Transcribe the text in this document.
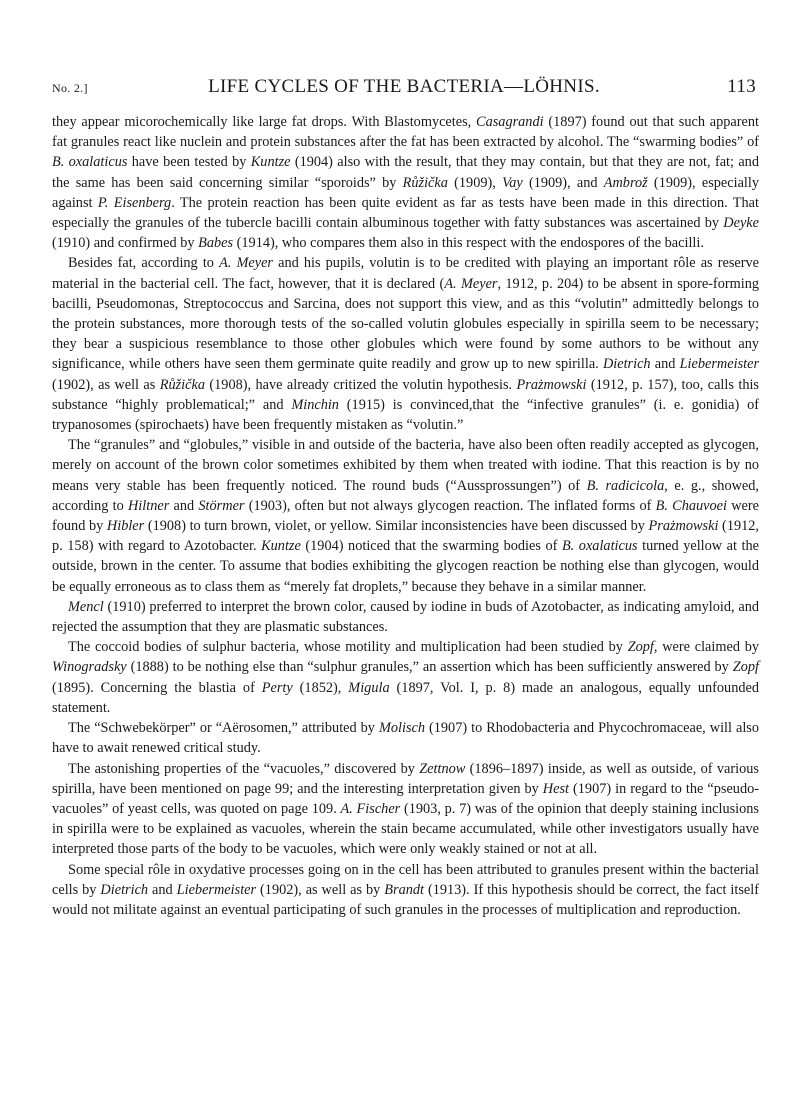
No. 2.]	LIFE CYCLES OF THE BACTERIA—LÖHNIS.	113

they appear micorochemically like large fat drops. With Blastomycetes, Casagrandi (1897) found out that such apparent fat granules react like nuclein and protein substances after the fat has been extracted by alcohol. The “swarming bodies” of B. oxalaticus have been tested by Kuntze (1904) also with the result, that they may contain, but that they are not, fat; and the same has been said concerning similar “sporoids” by Růžička (1909), Vay (1909), and Ambrož (1909), especially against P. Eisenberg. The protein reaction has been quite evident as far as tests have been made in this direction. That especially the granules of the tubercle bacilli contain albuminous together with fatty substances was ascertained by Deyke (1910) and confirmed by Babes (1914), who compares them also in this respect with the endospores of the bacilli.

Besides fat, according to A. Meyer and his pupils, volutin is to be credited with playing an important rôle as reserve material in the bacterial cell. The fact, however, that it is declared (A. Meyer, 1912, p. 204) to be absent in spore-forming bacilli, Pseudomonas, Streptococcus and Sarcina, does not support this view, and as this “volutin” admittedly belongs to the protein substances, more thorough tests of the so-called volutin globules especially in spirilla seem to be necessary; they bear a suspicious resemblance to those other globules which were found by some authors to be without any significance, while others have seen them germinate quite readily and grow up to new spirilla. Dietrich and Liebermeister (1902), as well as Růžička (1908), have already critized the volutin hypothesis. Prażmowski (1912, p. 157), too, calls this substance “highly problematical;” and Minchin (1915) is convinced,that the “infective granules” (i. e. gonidia) of trypanosomes (spirochaets) have been frequently mistaken as “volutin.”

The “granules” and “globules,” visible in and outside of the bacteria, have also been often readily accepted as glycogen, merely on account of the brown color sometimes exhibited by them when treated with iodine. That this reaction is by no means very stable has been frequently noticed. The round buds (“Aussprossungen”) of B. radicicola, e. g., showed, according to Hiltner and Störmer (1903), often but not always glycogen reaction. The inflated forms of B. Chauvoei were found by Hibler (1908) to turn brown, violet, or yellow. Similar inconsistencies have been discussed by Prażmowski (1912, p. 158) with regard to Azotobacter. Kuntze (1904) noticed that the swarming bodies of B. oxalaticus turned yellow at the outside, brown in the center. To assume that bodies exhibiting the glycogen reaction be nothing else than glycogen, would be equally erroneous as to class them as “merely fat droplets,” because they behave in a similar manner.

Mencl (1910) preferred to interpret the brown color, caused by iodine in buds of Azotobacter, as indicating amyloid, and rejected the assumption that they are plasmatic substances.

The coccoid bodies of sulphur bacteria, whose motility and multiplication had been studied by Zopf, were claimed by Winogradsky (1888) to be nothing else than “sulphur granules,” an assertion which has been sufficiently answered by Zopf (1895). Concerning the blastia of Perty (1852), Migula (1897, Vol. I, p. 8) made an analogous, equally unfounded statement.

The “Schwebekörper” or “Aërosomen,” attributed by Molisch (1907) to Rhodobacteria and Phycochromaceae, will also have to await renewed critical study.

The astonishing properties of the “vacuoles,” discovered by Zettnow (1896–1897) inside, as well as outside, of various spirilla, have been mentioned on page 99; and the interesting interpretation given by Hest (1907) in regard to the “pseudo-vacuoles” of yeast cells, was quoted on page 109. A. Fischer (1903, p. 7) was of the opinion that deeply staining inclusions in spirilla were to be explained as vacuoles, wherein the stain became accumulated, while other investigators usually have interpreted those parts of the body to be vacuoles, which were only weakly stained or not at all.

Some special rôle in oxydative processes going on in the cell has been attributed to granules present within the bacterial cells by Dietrich and Liebermeister (1902), as well as by Brandt (1913). If this hypothesis should be correct, the fact itself would not militate against an eventual participating of such granules in the processes of multiplication and reproduction.
